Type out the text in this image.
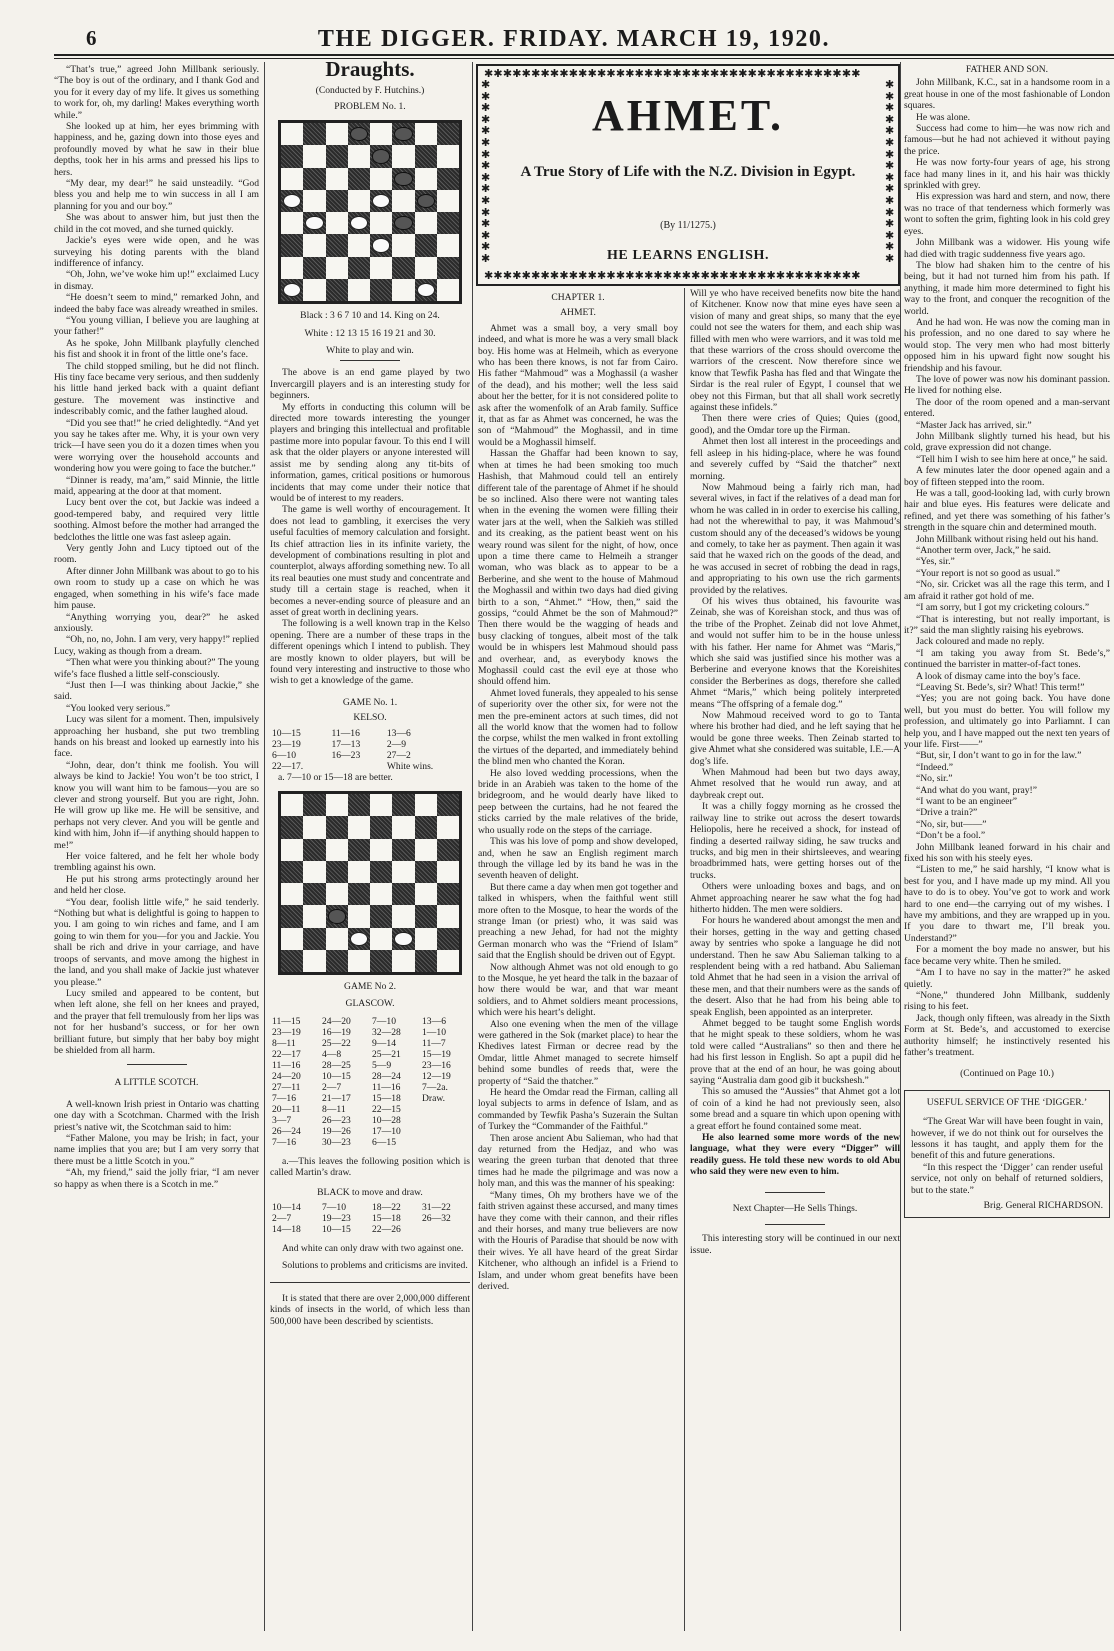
6	THE DIGGER. FRIDAY. MARCH 19, 1920.

“That’s true,” agreed John Millbank seriously. “The boy is out of the ordinary, and I thank God and you for it every day of my life. It gives us something to work for, oh, my darling! Makes everything worth while.”

She looked up at him, her eyes brimming with happiness, and he, gazing down into those eyes and profoundly moved by what he saw in their blue depths, took her in his arms and pressed his lips to hers.

“My dear, my dear!” he said unsteadily. “God bless you and help me to win success in all I am planning for you and our boy.”

She was about to answer him, but just then the child in the cot moved, and she turned quickly.

Jackie’s eyes were wide open, and he was surveying his doting parents with the bland indifference of infancy.

“Oh, John, we’ve woke him up!” exclaimed Lucy in dismay.

“He doesn’t seem to mind,” remarked John, and indeed the baby face was already wreathed in smiles.

“You young villian, I believe you are laughing at your father!”

As he spoke, John Millbank playfully clenched his fist and shook it in front of the little one’s face.

The child stopped smiling, but he did not flinch. His tiny face became very serious, and then suddenly his little hand jerked back with a quaint defiant gesture. The movement was instinctive and indescribably comic, and the father laughed aloud.

“Did you see that!” he cried delightedly. “And yet you say he takes after me. Why, it is your own very trick—I have seen you do it a dozen times when you were worrying over the household accounts and wondering how you were going to face the butcher.”

“Dinner is ready, ma’am,” said Minnie, the little maid, appearing at the door at that moment.

Lucy bent over the cot, but Jackie was indeed a good-tempered baby, and required very little soothing. Almost before the mother had arranged the bedclothes the little one was fast asleep again.

Very gently John and Lucy tiptoed out of the room.

After dinner John Millbank was about to go to his own room to study up a case on which he was engaged, when something in his wife’s face made him pause.

“Anything worrying you, dear?” he asked anxiously.

“Oh, no, no, John. I am very, very happy!” replied Lucy, waking as though from a dream.

“Then what were you thinking about?” The young wife’s face flushed a little self-consciously.

“Just then I—I was thinking about Jackie,” she said.

“You looked very serious.”

Lucy was silent for a moment. Then, impulsively approaching her husband, she put two trembling hands on his breast and looked up earnestly into his face.

“John, dear, don’t think me foolish. You will always be kind to Jackie! You won’t be too strict, I know you will want him to be famous—you are so clever and strong yourself. But you are right, John. He will grow up like me. He will be sensitive, and perhaps not very clever. And you will be gentle and kind with him, John if—if anything should happen to me!”

Her voice faltered, and he felt her whole body trembling against his own.

He put his strong arms protectingly around her and held her close.

“You dear, foolish little wife,” he said tenderly. “Nothing but what is delightful is going to happen to you. I am going to win riches and fame, and I am going to win them for you—for you and Jackie. You shall be rich and drive in your carriage, and have troops of servants, and move among the highest in the land, and you shall make of Jackie just whatever you please.”

Lucy smiled and appeared to be content, but when left alone, she fell on her knees and prayed, and the prayer that fell tremulously from her lips was not for her husband’s success, or for her own brilliant future, but simply that her baby boy might be shielded from all harm.

A LITTLE SCOTCH.

A well-known Irish priest in Ontario was chatting one day with a Scotchman. Charmed with the Irish priest’s native wit, the Scotchman said to him:

“Father Malone, you may be Irish; in fact, your name implies that you are; but I am very sorry that there must be a little Scotch in you.”

“Ah, my friend,” said the jolly friar, “I am never so happy as when there is a Scotch in me.”

Draughts.
(Conducted by F. Hutchins.)
PROBLEM No. 1.
Black : 3 6 7 10 and 14. King on 24.
White : 12 13 15 16 19 21 and 30.
White to play and win.

The above is an end game played by two Invercargill players and is an interesting study for beginners.

My efforts in conducting this column will be directed more towards interesting the younger players and bringing this intellectual and profitable pastime more into popular favour. To this end I will ask that the older players or anyone interested will assist me by sending along any tit-bits of information, games, critical positions or humorous incidents that may come under their notice that would be of interest to my readers.

The game is well worthy of encouragement. It does not lead to gambling, it exercises the very useful faculties of memory calculation and forsight. Its chief attraction lies in its infinite variety, the development of combinations resulting in plot and counterplot, always affording something new. To all its real beauties one must study and concentrate and study till a certain stage is reached, when it becomes a never-ending source of pleasure and an asset of great worth in declining years.

The following is a well known trap in the Kelso opening. There are a number of these traps in the different openings which I intend to publish. They are mostly known to older players, but will be found very interesting and instructive to those who wish to get a knowledge of the game.

GAME No. 1.
KELSO.
10—15	11—16	13—6
23—19	17—13	2—9
6—10	16—23	27—2
22—17.		White wins.
a. 7—10 or 15—18 are better.
GAME No 2.
GLASCOW.
11—15	24—20	7—10	13—6
23—19	16—19	32—28	1—10
8—11	25—22	9—14	11—7
22—17	4—8	25—21	15—19
11—16	28—25	5—9	23—16
24—20	10—15	28—24	12—19
27—11	2—7	11—16	7—2a.
7—16	21—17	15—18	Draw.
20—11	8—11	22—15	
3—7	26—23	10—28	
26—24	19—26	17—10	
7—16	30—23	6—15	

a.—This leaves the following position which is called Martin’s draw.

BLACK to move and draw.
10—14	7—10	18—22	31—22
2—7	19—23	15—18	26—32
14—18	10—15	22—26	

And white can only draw with two against one.

Solutions to problems and criticisms are invited.

It is stated that there are over 2,000,000 different kinds of insects in the world, of which less than 500,000 have been described by scientists.

✱✱✱✱✱✱✱✱✱✱✱✱✱✱✱✱✱✱✱✱✱✱✱✱✱✱✱✱✱✱✱✱✱✱✱✱✱✱✱✱
✱✱✱✱✱✱✱✱✱✱✱✱✱✱✱✱✱✱✱✱✱✱✱✱✱✱✱✱✱✱✱✱✱✱✱✱✱✱✱✱
✱✱✱✱✱✱✱✱✱✱✱✱✱✱✱✱
✱✱✱✱✱✱✱✱✱✱✱✱✱✱✱✱
AHMET.
A True Story of Life with the N.Z. Division in Egypt.
(By 11/1275.)
HE LEARNS ENGLISH.
CHAPTER 1.
AHMET.

Ahmet was a small boy, a very small boy indeed, and what is more he was a very small black boy. His home was at Helmeih, which as everyone who has been there knows, is not far from Cairo. His father “Mahmoud” was a Moghassil (a washer of the dead), and his mother; well the less said about her the better, for it is not considered polite to ask after the womenfolk of an Arab family. Suffice it, that as far as Ahmet was concerned, he was the son of “Mahmoud” the Moghassil, and in time would be a Moghassil himself.

Hassan the Ghaffar had been known to say, when at times he had been smoking too much Hashish, that Mahmoud could tell an entirely different tale of the parentage of Ahmet if he should be so inclined. Also there were not wanting tales when in the evening the women were filling their water jars at the well, when the Salkieh was stilled and its creaking, as the patient beast went on his weary round was silent for the night, of how, once upon a time there came to Helmeih a stranger woman, who was black as to appear to be a Berberine, and she went to the house of Mahmoud the Moghassil and within two days had died giving birth to a son, “Ahmet.” “How, then,” said the gossips, “could Ahmet be the son of Mahmoud?” Then there would be the wagging of heads and busy clacking of tongues, albeit most of the talk would be in whispers lest Mahmoud should pass and overhear, and, as everybody knows the Moghassil could cast the evil eye at those who should offend him.

Ahmet loved funerals, they appealed to his sense of superiority over the other six, for were not the men the pre-eminent actors at such times, did not all the world know that the women had to follow the corpse, whilst the men walked in front extolling the virtues of the departed, and immediately behind the blind men who chanted the Koran.

He also loved wedding processions, when the bride in an Arabieh was taken to the home of the bridegroom, and he would dearly have liked to peep between the curtains, had he not feared the sticks carried by the male relatives of the bride, who usually rode on the steps of the carriage.

This was his love of pomp and show developed, and, when he saw an English regiment march through the village led by its band he was in the seventh heaven of delight.

But there came a day when men got together and talked in whispers, when the faithful went still more often to the Mosque, to hear the words of the strange Iman (or priest) who, it was said was preaching a new Jehad, for had not the mighty German monarch who was the “Friend of Islam” said that the English should be driven out of Egypt.

Now although Ahmet was not old enough to go to the Mosque, he yet heard the talk in the bazaar of how there would be war, and that war meant soldiers, and to Ahmet soldiers meant processions, which were his heart’s delight.

Also one evening when the men of the village were gathered in the Sok (market place) to hear the Khedives latest Firman or decree read by the Omdar, little Ahmet managed to secrete himself behind some bundles of reeds that, were the property of “Said the thatcher.”

He heard the Omdar read the Firman, calling all loyal subjects to arms in defence of Islam, and as commanded by Tewfik Pasha’s Suzerain the Sultan of Turkey the “Commander of the Faithful.”

Then arose ancient Abu Salieman, who had that day returned from the Hedjaz, and who was wearing the green turban that denoted that three times had he made the pilgrimage and was now a holy man, and this was the manner of his speaking:

“Many times, Oh my brothers have we of the faith striven against these accursed, and many times have they come with their cannon, and their rifles and their horses, and many true believers are now with the Houris of Paradise that should be now with their wives. Ye all have heard of the great Sirdar Kitchener, who although an infidel is a Friend to Islam, and under whom great benefits have been derived.

Will ye who have received benefits now bite the hand of Kitchener. Know now that mine eyes have seen a vision of many and great ships, so many that the eye could not see the waters for them, and each ship was filled with men who were warriors, and it was told me that these warriors of the cross should overcome the warriors of the crescent. Now therefore since we know that Tewfik Pasha has fled and that Wingate the Sirdar is the real ruler of Egypt, I counsel that we obey not this Firman, but that all shall work secretly against these infidels.”

Then there were cries of Quies; Quies (good, good), and the Omdar tore up the Firman.

Ahmet then lost all interest in the proceedings and fell asleep in his hiding-place, where he was found and severely cuffed by “Said the thatcher” next morning.

Now Mahmoud being a fairly rich man, had several wives, in fact if the relatives of a dead man for whom he was called in in order to exercise his calling, had not the wherewithal to pay, it was Mahmoud’s custom should any of the deceased’s widows be young and comely, to take her as payment. Then again it was said that he waxed rich on the goods of the dead, and he was accused in secret of robbing the dead in rags, and appropriating to his own use the rich garments provided by the relatives.

Of his wives thus obtained, his favourite was Zeinab, she was of Koreishan stock, and thus was of the tribe of the Prophet. Zeinab did not love Ahmet, and would not suffer him to be in the house unless with his father. Her name for Ahmet was “Maris,” which she said was justified since his mother was a Berberine and everyone knows that the Koreishites consider the Berberines as dogs, therefore she called Ahmet “Maris,” which being politely interpreted means “The offspring of a female dog.”

Now Mahmoud received word to go to Tanta where his brother had died, and he left saying that he would be gone three weeks. Then Zeinab started to give Ahmet what she considered was suitable, I.E.—A dog’s life.

When Mahmoud had been but two days away, Ahmet resolved that he would run away, and at daybreak crept out.

It was a chilly foggy morning as he crossed the railway line to strike out across the desert towards Heliopolis, here he received a shock, for instead of finding a deserted railway siding, he saw trucks and trucks, and big men in their shirtsleeves, and wearing broadbrimmed hats, were getting horses out of the trucks.

Others were unloading boxes and bags, and on Ahmet approaching nearer he saw what the fog had hitherto hidden. The men were soldiers.

For hours he wandered about amongst the men and their horses, getting in the way and getting chased away by sentries who spoke a language he did not understand. Then he saw Abu Salieman talking to a resplendent being with a red hatband. Abu Salieman told Ahmet that he had seen in a vision the arrival of these men, and that their numbers were as the sands of the desert. Also that he had from his being able to speak English, been appointed as an interpreter.

Ahmet begged to be taught some English words that he might speak to these soldiers, whom he was told were called “Australians” so then and there he had his first lesson in English. So apt a pupil did he prove that at the end of an hour, he was going about saying “Australia dam good gib it buckshesh.”

This so amused the “Aussies” that Ahmet got a lot of coin of a kind he had not previously seen, also some bread and a square tin which upon opening with a great effort he found contained some meat.

He also learned some more words of the new language, what they were every “Digger” will readily guess. He told these new words to old Abu who said they were new even to him.

Next Chapter—He Sells Things.

This interesting story will be continued in our next issue.

FATHER AND SON.

John Millbank, K.C., sat in a handsome room in a great house in one of the most fashionable of London squares.

He was alone.

Success had come to him—he was now rich and famous—but he had not achieved it without paying the price.

He was now forty-four years of age, his strong face had many lines in it, and his hair was thickly sprinkled with grey.

His expression was hard and stern, and now, there was no trace of that tenderness which formerly was wont to soften the grim, fighting look in his cold grey eyes.

John Millbank was a widower. His young wife had died with tragic suddenness five years ago.

The blow had shaken him to the centre of his being, but it had not turned him from his path. If anything, it made him more determined to fight his way to the front, and conquer the recognition of the world.

And he had won. He was now the coming man in his profession, and no one dared to say where he would stop. The very men who had most bitterly opposed him in his upward fight now sought his friendship and his favour.

The love of power was now his dominant passion. He lived for nothing else.

The door of the room opened and a man-servant entered.

“Master Jack has arrived, sir.”

John Millbank slightly turned his head, but his cold, grave expression did not change.

“Tell him I wish to see him here at once,” he said.

A few minutes later the door opened again and a boy of fifteen stepped into the room.

He was a tall, good-looking lad, with curly brown hair and blue eyes. His features were delicate and refined, and yet there was something of his father’s strength in the square chin and determined mouth.

John Millbank without rising held out his hand.

“Another term over, Jack,” he said.

“Yes, sir.”

“Your report is not so good as usual.”

“No, sir. Cricket was all the rage this term, and I am afraid it rather got hold of me.

“I am sorry, but I got my cricketing colours.”

“That is interesting, but not really important, is it?” said the man slightly raising his eyebrows.

Jack coloured and made no reply.

“I am taking you away from St. Bede’s,” continued the barrister in matter-of-fact tones.

A look of dismay came into the boy’s face.

“Leaving St. Bede’s, sir? What! This term!”

“Yes; you are not going back. You have done well, but you must do better. You will follow my profession, and ultimately go into Parliamnt. I can help you, and I have mapped out the next ten years of your life. First——”

“But, sir, I don’t want to go in for the law.”

“Indeed.”

“No, sir.”

“And what do you want, pray!”

“I want to be an engineer”

“Drive a train?”

“No, sir, but——”

“Don’t be a fool.”

John Millbank leaned forward in his chair and fixed his son with his steely eyes.

“Listen to me,” he said harshly, “I know what is best for you, and I have made up my mind. All you have to do is to obey. You’ve got to work and work hard to one end—the carrying out of my wishes. I have my ambitions, and they are wrapped up in you. If you dare to thwart me, I’ll break you. Understand?”

For a moment the boy made no answer, but his face became very white. Then he smiled.

“Am I to have no say in the matter?” he asked quietly.

“None,” thundered John Millbank, suddenly rising to his feet.

Jack, though only fifteen, was already in the Sixth Form at St. Bede’s, and accustomed to exercise authority himself; he instinctively resented his father’s treatment.

(Continued on Page 10.)
USEFUL SERVICE OF THE ‘DIGGER.’

“The Great War will have been fought in vain, however, if we do not think out for ourselves the lessons it has taught, and apply them for the benefit of this and future generations.

“In this respect the ‘Digger’ can render useful service, not only on behalf of returned soldiers, but to the state.”

Brig. General RICHARDSON.
